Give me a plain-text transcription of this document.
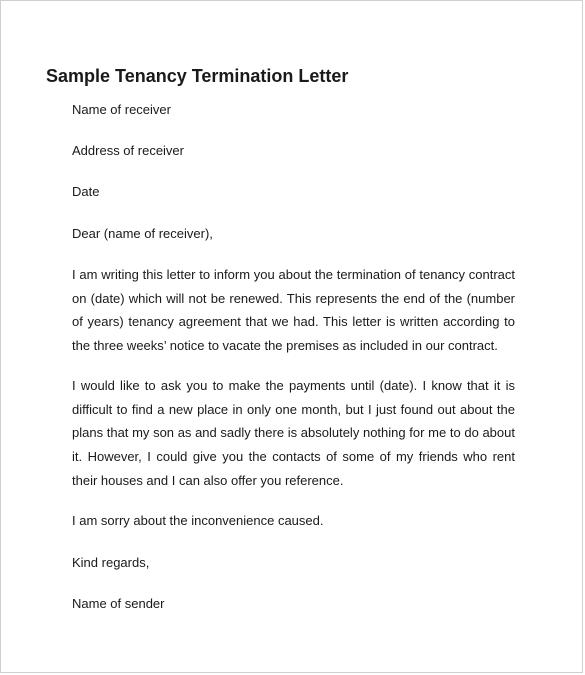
Sample Tenancy Termination Letter

Name of receiver

Address of receiver

Date

Dear (name of receiver),

I am writing this letter to inform you about the termination of tenancy contract on (date) which will not be renewed. This represents the end of the (number of years) tenancy agreement that we had. This letter is written according to the three weeks’ notice to vacate the premises as included in our contract.

I would like to ask you to make the payments until (date). I know that it is difficult to find a new place in only one month, but I just found out about the plans that my son as and sadly there is absolutely nothing for me to do about it. However, I could give you the contacts of some of my friends who rent their houses and I can also offer you reference.

I am sorry about the inconvenience caused.

Kind regards,

Name of sender
